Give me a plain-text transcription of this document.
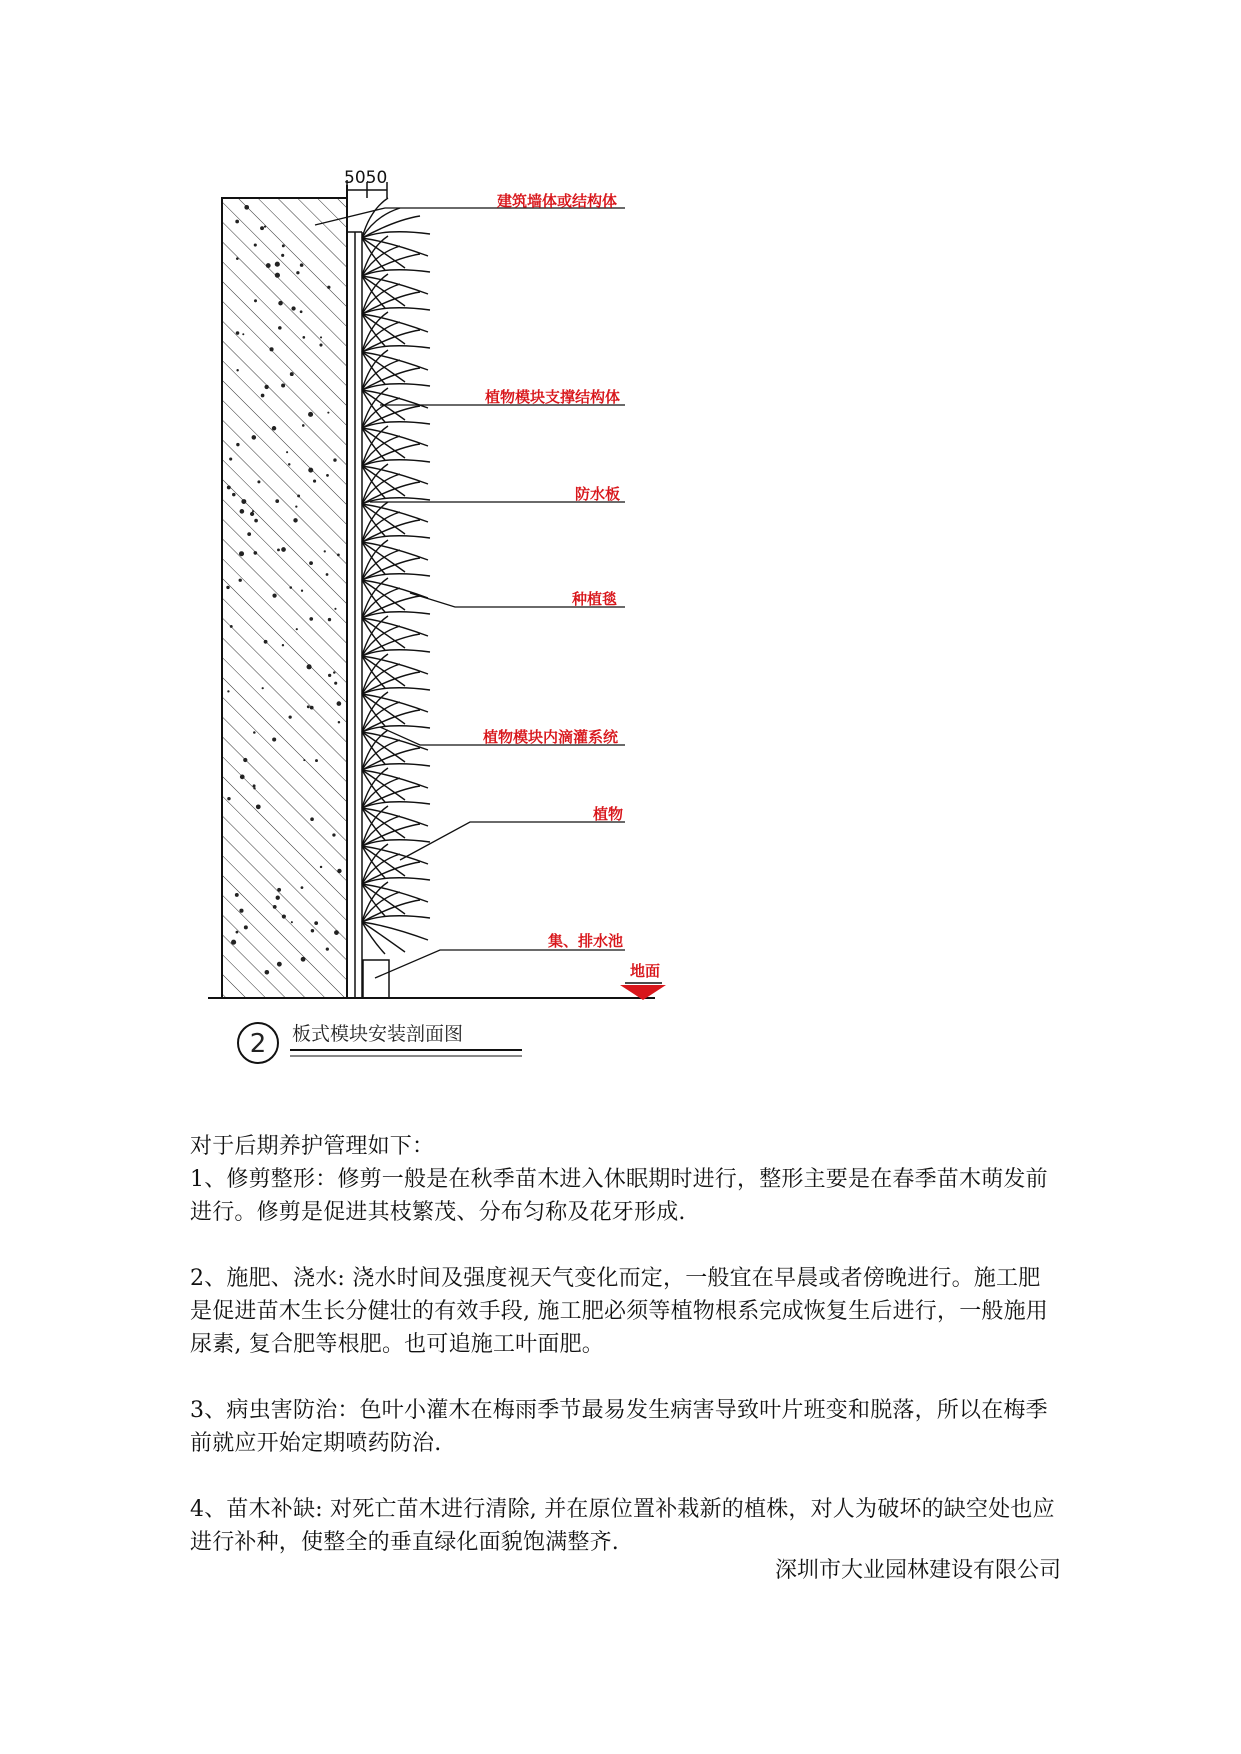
5050
建筑墙体或结构体
植物模块支撑结构体
防水板
种植毯
植物模块内滴灌系统
植物
集、排水池
地面
2 板式模块安装剖面图

对于后期养护管理如下：

1、修剪整形：修剪一般是在秋季苗木进入休眠期时进行，整形主要是在春季苗木萌发前进行。修剪是促进其枝繁茂、分布匀称及花牙形成.

2、施肥、浇水: 浇水时间及强度视天气变化而定，一般宜在早晨或者傍晚进行。施工肥是促进苗木生长分健壮的有效手段, 施工肥必须等植物根系完成恢复生后进行，一般施用尿素, 复合肥等根肥。也可追施工叶面肥。

3、病虫害防治：色叶小灌木在梅雨季节最易发生病害导致叶片班变和脱落，所以在梅季前就应开始定期喷药防治.

4、苗木补缺: 对死亡苗木进行清除, 并在原位置补栽新的植株，对人为破坏的缺空处也应进行补种，使整全的垂直绿化面貌饱满整齐.

深圳市大业园林建设有限公司
